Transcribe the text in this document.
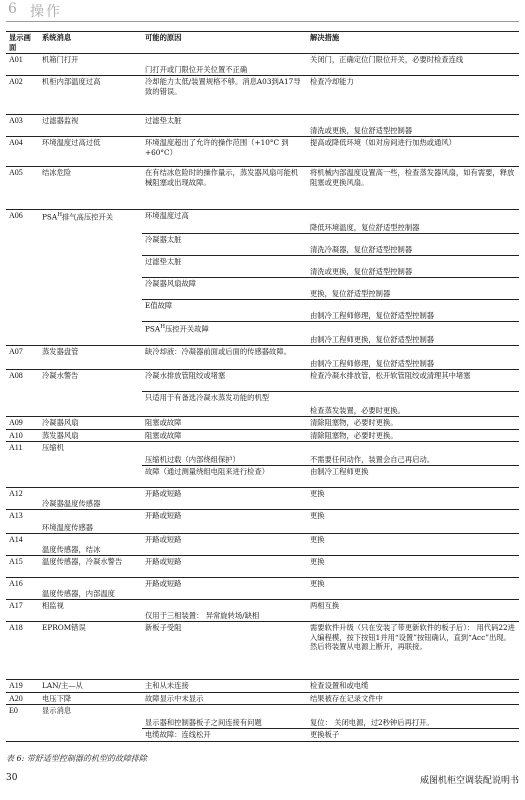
6 操作
显示画面	系统消息	可能的原因	解决措施
A01	机箱门打开	门打开或门限位开关位置不正确	关闭门，正确定位门限位开关，必要时检查连线
A02	机柜内部温度过高	冷却能力太低/装置规格不够。消息A03到A17导致的错误。	检查冷却能力
A03	过滤器监视	过滤垫太脏	清洗或更换，复位舒适型控制器
A04	环境温度过高过低	环境温度超出了允许的操作范围（+10°C 到 +60°C）	提高或降低环境（如对房间进行加热或通风）
A05	结冰危险	在有结冰危险时的操作量示，蒸发器风扇可能机械阻塞或出现故障。	将机械内部温度设置高一些，检查蒸发器风扇，如有需要，释放阻塞或更换风扇。
A06	$PSA^H$排气高压控开关	环境温度过高	降低环境温度，复位舒适型控制器
		冷凝器太脏	清洗冷凝器，复位舒适型控制器
		过滤垫太脏	清洗或更换，复位舒适型控制器
		冷凝器风扇故障	更换，复位舒适型控制器
		E值故障	由制冷工程师修理，复位舒适型控制器
		$PSA^H$压控开关故障	由制冷工程师更换，复位舒适型控制器
A07	蒸发器盘管	缺冷却液：冷凝器前面或后面的传感器故障。	由制冷工程师修理，复位舒适型控制器
A08	冷凝水警告	冷凝水排放管阻绞或堵塞	检查冷凝水排放管，松开软管阻绞或清理其中堵塞
		只适用于有备选冷凝水蒸发功能的机型	检查蒸发装置，必要时更换。
A09	冷凝器风扇	阻塞或故障	清除阻塞物，必要时更换。
A10	蒸发器风扇	阻塞或故障	清除阻塞物，必要时更换。
A11	压缩机	压缩机过载（内部绕组保护）	不需要任何动作，装置会自己再启动。
		故障（通过测量绕组电阻来进行检查）	由制冷工程师更换
A12	冷凝器温度传感器	开路或短路	更换
A13	环境温度传感器	开路或短路	更换
A14	温度传感器，结冰	开路或短路	更换
A15	温度传感器，冷凝水警告	开路或短路	更换
A16	温度传感器，内部温度	开路或短路	更换
A17	相监视	仅用于三相装置： 异常旋转场/缺相	两相互换
A18	EPROM错误	新板子受阻	需要软件升级（只在安装了带更新软件的板子后）： 用代码22进入编程模，按下按钮1并用“设置”按钮确认，直到“Acc”出现。然后将装置从电源上断开，再联接。
A19	LAN/主—从	主和从未连接	检查设置和或电缆
A20	电压下降	故障显示中未显示	结果被存在记录文件中
E0	显示消息	显示器和控制器板子之间连接有问题	复位： 关闭电源，过2秒钟后再打开。
		电缆故障：连线松开	更换板子
表 6: 带舒适型控制器的机型的故障排除
30	威图机柜空调装配说明书
